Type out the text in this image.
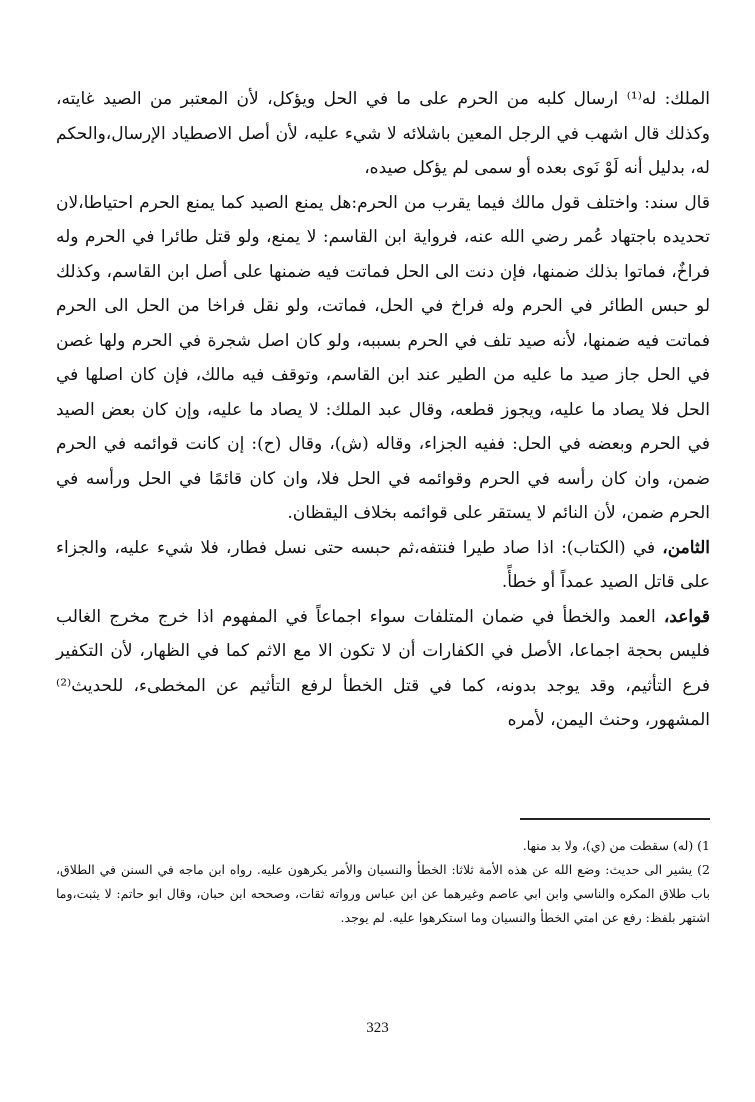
الملك: له⁽¹⁾ ارسال كلبه من الحرم على ما في الحل ويؤكل، لأن المعتبر من الصيد غايته، وكذلك قال اشهب في الرجل المعين باشلائه لا شيء عليه، لأن أصل الاصطياد الإرسال،والحكم له، بدليل أنه لَوْ نَوى بعده أو سمى لم يؤكل صيده،

قال سند: واختلف قول مالك فيما يقرب من الحرم:هل يمنع الصيد كما يمنع الحرم احتياطا،لان تحديده باجتهاد عُمر رضي الله عنه، فرواية ابن القاسم: لا يمنع، ولو قتل طائرا في الحرم وله فراخٌ، فماتوا بذلك ضمنها، فإن دنت الى الحل فماتت فيه ضمنها على أصل ابن القاسم، وكذلك لو حبس الطائر في الحرم وله فراخ في الحل، فماتت، ولو نقل فراخا من الحل الى الحرم فماتت فيه ضمنها، لأنه صيد تلف في الحرم بسببه، ولو كان اصل شجرة في الحرم ولها غصن في الحل جاز صيد ما عليه من الطير عند ابن القاسم، وتوقف فيه مالك، فإن كان اصلها في الحل فلا يصاد ما عليه، ويجوز قطعه، وقال عبد الملك: لا يصاد ما عليه، وإن كان بعض الصيد في الحرم وبعضه في الحل: ففيه الجزاء، وقاله (ش)، وقال (ح): إن كانت قوائمه في الحرم ضمن، وان كان رأسه في الحرم وقوائمه في الحل فلا، وان كان قائمًا في الحل ورأسه في الحرم ضمن، لأن النائم لا يستقر على قوائمه بخلاف اليقظان.

الثامن، في (الكتاب): اذا صاد طيرا فنتفه،ثم حبسه حتى نسل فطار، فلا شيء عليه، والجزاء على قاتل الصيد عمداً أو خطأً.

قواعد، العمد والخطأ في ضمان المتلفات سواء اجماعاً في المفهوم اذا خرج مخرج الغالب فليس بحجة اجماعا، الأصل في الكفارات أن لا تكون الا مع الاثم كما في الظهار، لأن التكفير فرع التأثيم، وقد يوجد بدونه، كما في قتل الخطأ لرفع التأثيم عن المخطىء، للحديث⁽²⁾ المشهور، وحنث اليمن، لأمره

1) (له) سقطت من (ي)، ولا بد منها.

2) يشير الى حديث: وضع الله عن هذه الأمة ثلاثا: الخطأ والنسيان والأمر يكرهون عليه. رواه ابن ماجه في السنن في الطلاق، باب طلاق المكره والناسي وابن ابي عاصم وغيرهما عن ابن عباس ورواته ثقات، وصححه ابن حبان، وقال ابو حاتم: لا يثبت،وما اشتهر بلفظ: رفع عن امتي الخطأ والنسيان وما استكرهوا عليه. لم يوجد.

323
